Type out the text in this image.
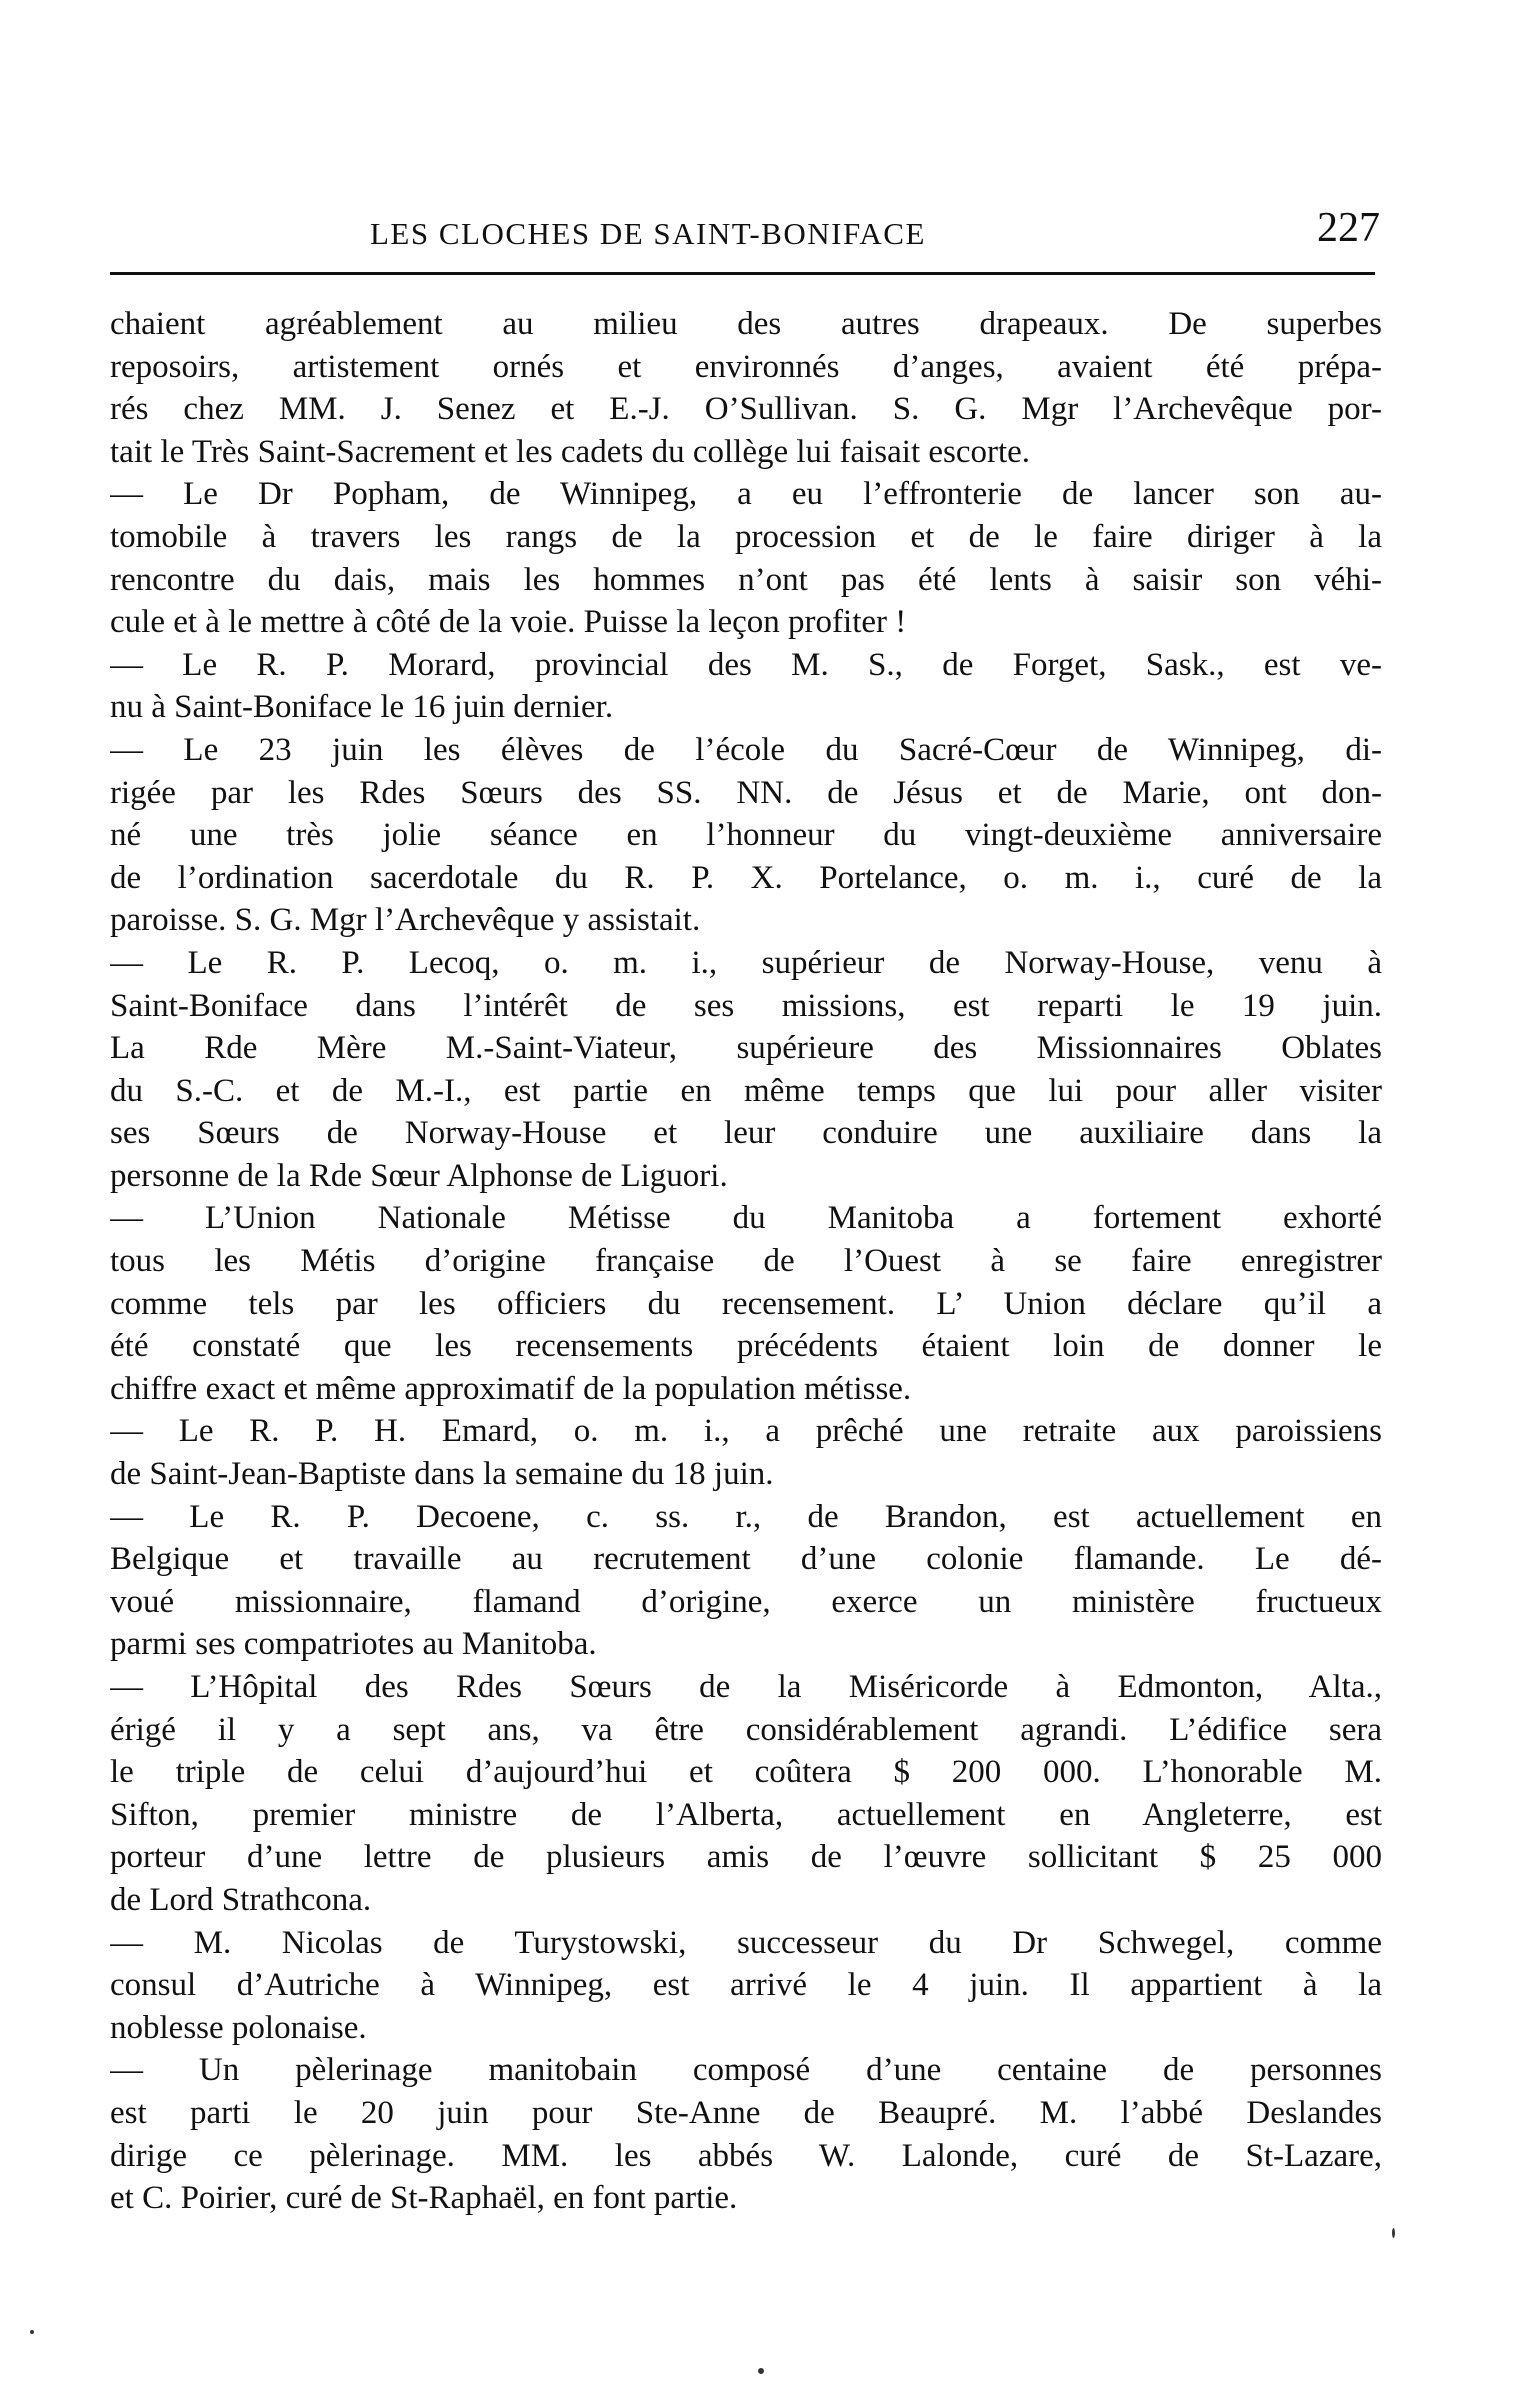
LES CLOCHES DE SAINT-BONIFACE	227
chaient agréablement au milieu des autres drapeaux. De superbes
reposoirs, artistement ornés et environnés d’anges, avaient été prépa-
rés chez MM. J. Senez et E.-J. O’Sullivan. S. G. Mgr l’Archevêque por-
tait le Très Saint-Sacrement et les cadets du collège lui faisait escorte.
— Le Dr Popham, de Winnipeg, a eu l’effronterie de lancer son au-
tomobile à travers les rangs de la procession et de le faire diriger à la
rencontre du dais, mais les hommes n’ont pas été lents à saisir son véhi-
cule et à le mettre à côté de la voie. Puisse la leçon profiter !
— Le R. P. Morard, provincial des M. S., de Forget, Sask., est ve-
nu à Saint-Boniface le 16 juin dernier.
— Le 23 juin les élèves de l’école du Sacré-Cœur de Winnipeg, di-
rigée par les Rdes Sœurs des SS. NN. de Jésus et de Marie, ont don-
né une très jolie séance en l’honneur du vingt-deuxième anniversaire
de l’ordination sacerdotale du R. P. X. Portelance, o. m. i., curé de la
paroisse. S. G. Mgr l’Archevêque y assistait.
— Le R. P. Lecoq, o. m. i., supérieur de Norway-House, venu à
Saint-Boniface dans l’intérêt de ses missions, est reparti le 19 juin.
La Rde Mère M.-Saint-Viateur, supérieure des Missionnaires Oblates
du S.-C. et de M.-I., est partie en même temps que lui pour aller visiter
ses Sœurs de Norway-House et leur conduire une auxiliaire dans la
personne de la Rde Sœur Alphonse de Liguori.
— L’Union Nationale Métisse du Manitoba a fortement exhorté
tous les Métis d’origine française de l’Ouest à se faire enregistrer
comme tels par les officiers du recensement. L’ Union déclare qu’il a
été constaté que les recensements précédents étaient loin de donner le
chiffre exact et même approximatif de la population métisse.
— Le R. P. H. Emard, o. m. i., a prêché une retraite aux paroissiens
de Saint-Jean-Baptiste dans la semaine du 18 juin.
— Le R. P. Decoene, c. ss. r., de Brandon, est actuellement en
Belgique et travaille au recrutement d’une colonie flamande. Le dé-
voué missionnaire, flamand d’origine, exerce un ministère fructueux
parmi ses compatriotes au Manitoba.
— L’Hôpital des Rdes Sœurs de la Miséricorde à Edmonton, Alta.,
érigé il y a sept ans, va être considérablement agrandi. L’édifice sera
le triple de celui d’aujourd’hui et coûtera $ 200 000. L’honorable M.
Sifton, premier ministre de l’Alberta, actuellement en Angleterre, est
porteur d’une lettre de plusieurs amis de l’œuvre sollicitant $ 25 000
de Lord Strathcona.
— M. Nicolas de Turystowski, successeur du Dr Schwegel, comme
consul d’Autriche à Winnipeg, est arrivé le 4 juin. Il appartient à la
noblesse polonaise.
— Un pèlerinage manitobain composé d’une centaine de personnes
est parti le 20 juin pour Ste-Anne de Beaupré. M. l’abbé Deslandes
dirige ce pèlerinage. MM. les abbés W. Lalonde, curé de St-Lazare,
et C. Poirier, curé de St-Raphaël, en font partie.
